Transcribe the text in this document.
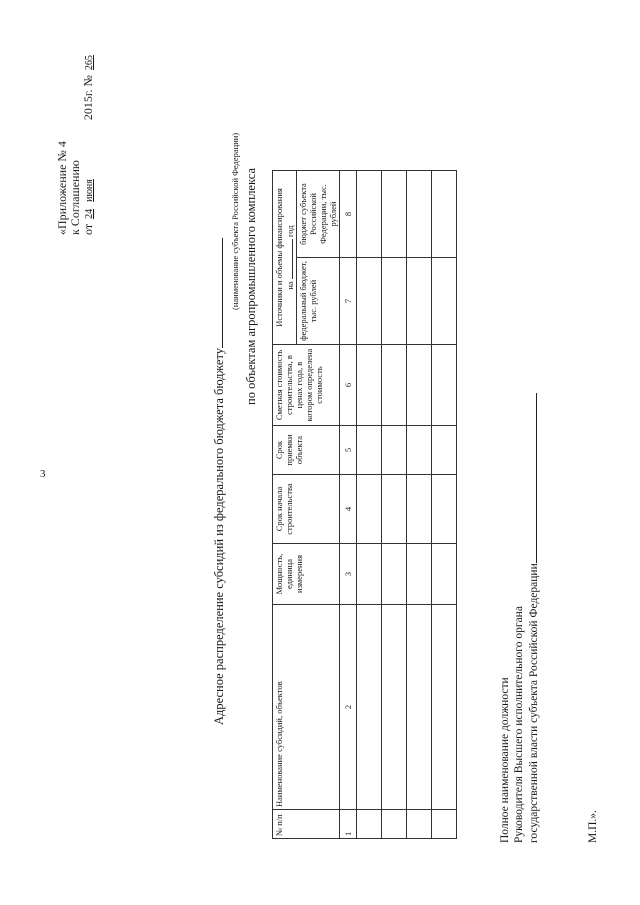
3
«Приложение № 4 к Соглашению от 24 июня 2015г. № 265
Адресное распределение субсидий из федерального бюджета бюджету
(наименование субъекта Российской Федерации) по объектам агропромышленного комплекса
№ п/п	Наименование субсидий, объектов	Мощность, единица измерения	Срок начала строительства	Срок приемки объекта	Сметная стоимость строительства, в ценах года, в котором определена стоимость	Источники и объемы финансирования на  год	

						федеральный бюджет, тыс. рублей	бюджет субъекта Российской Федерации, тыс. рублей
1	2	3	4	5	6	7	8

Полное наименование должности Руководителя Высшего исполнительного органа государственной власти субъекта Российской Федерации	М.П.».
